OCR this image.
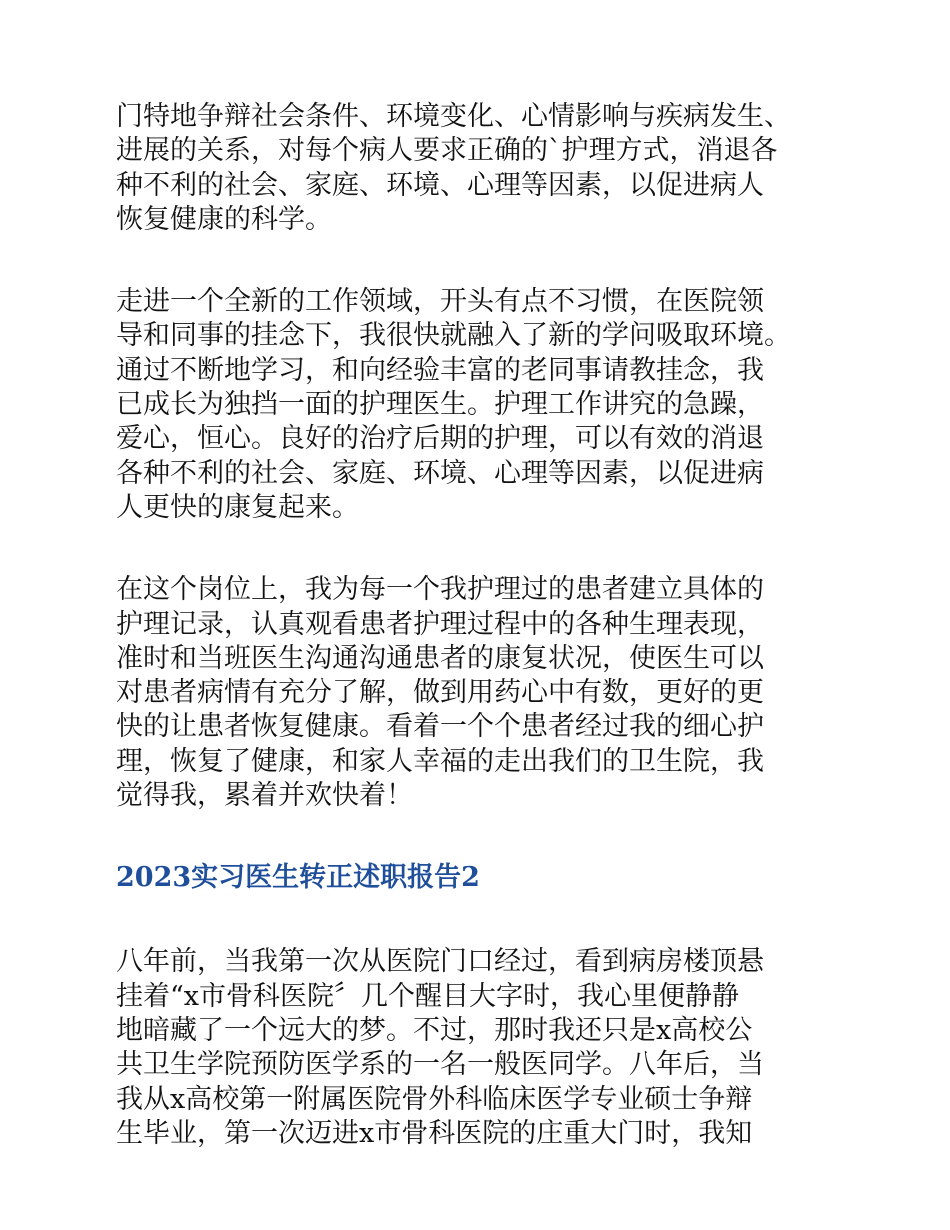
门特地争辩社会条件、环境变化、心情影响与疾病发生、
进展的关系，对每个病人要求正确的`护理方式，消退各
种不利的社会、家庭、环境、心理等因素，以促进病人
恢复健康的科学。

走进一个全新的工作领域，开头有点不习惯，在医院领
导和同事的挂念下，我很快就融入了新的学问吸取环境。
通过不断地学习，和向经验丰富的老同事请教挂念，我
已成长为独挡一面的护理医生。护理工作讲究的急躁，
爱心，恒心。良好的治疗后期的护理，可以有效的消退
各种不利的社会、家庭、环境、心理等因素，以促进病
人更快的康复起来。

在这个岗位上，我为每一个我护理过的患者建立具体的
护理记录，认真观看患者护理过程中的各种生理表现，
准时和当班医生沟通沟通患者的康复状况，使医生可以
对患者病情有充分了解，做到用药心中有数，更好的更
快的让患者恢复健康。看着一个个患者经过我的细心护
理，恢复了健康，和家人幸福的走出我们的卫生院，我
觉得我，累着并欢快着！

2023实习医生转正述职报告2

八年前，当我第一次从医院门口经过，看到病房楼顶悬
挂着“x市骨科医院〞几个醒目大字时，我心里便静静
地暗藏了一个远大的梦。不过，那时我还只是x高校公
共卫生学院预防医学系的一名一般医同学。八年后，当
我从x高校第一附属医院骨外科临床医学专业硕士争辩
生毕业，第一次迈进x市骨科医院的庄重大门时，我知
